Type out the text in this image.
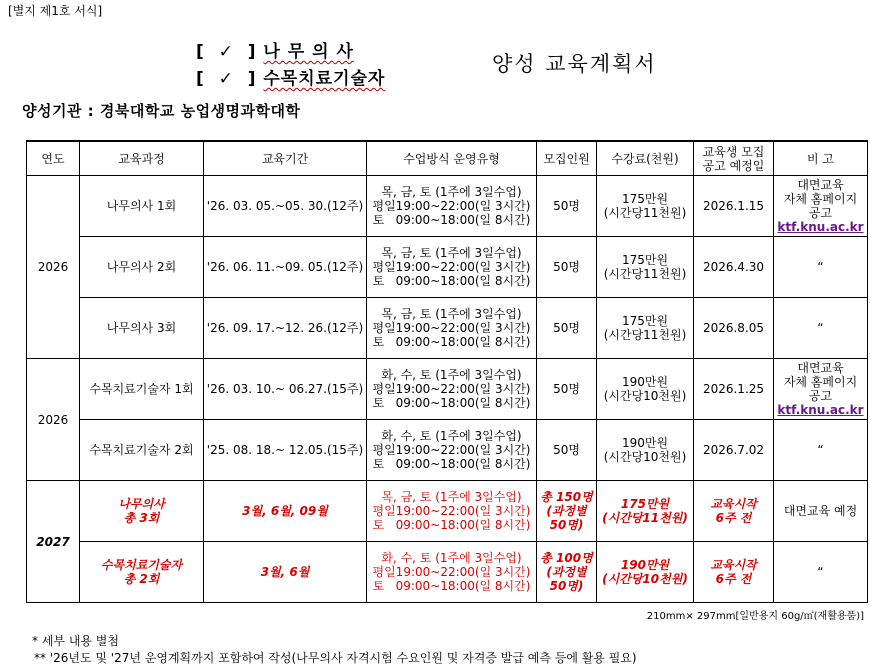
[별지 제1호 서식]
[  ✓  ] 나 무 의 사
[  ✓  ] 수목치료기술자
양성 교육계획서
양성기관 : 경북대학교 농업생명과학대학
연도	교육과정	교육기간	수업방식 운영유형	모집인원	수강료(천원)	교육생 모집
공고 예정일	비 고
2026	나무의사 1회	'26. 03. 05.~05. 30.(12주)	목, 금, 토 (1주에 3일수업)
평일19:00~22:00(일 3시간)
토   09:00~18:00(일 8시간)	50명	175만원
(시간당11천원)	2026.1.15	대면교육
자체 홈페이지
공고
ktf.knu.ac.kr
	나무의사 2회	'26. 06. 11.~09. 05.(12주)	목, 금, 토 (1주에 3일수업)
평일19:00~22:00(일 3시간)
토   09:00~18:00(일 8시간)	50명	175만원
(시간당11천원)	2026.4.30	“
	나무의사 3회	'26. 09. 17.~12. 26.(12주)	목, 금, 토 (1주에 3일수업)
평일19:00~22:00(일 3시간)
토   09:00~18:00(일 8시간)	50명	175만원
(시간당11천원)	2026.8.05	“
2026	수목치료기술자 1회	'26. 03. 10.~ 06.27.(15주)	화, 수, 토 (1주에 3일수업)
평일19:00~22:00(일 3시간)
토   09:00~18:00(일 8시간)	50명	190만원
(시간당10천원)	2026.1.25	대면교육
자체 홈페이지
공고
ktf.knu.ac.kr
	수목치료기술자 2회	'25. 08. 18.~ 12.05.(15주)	화, 수, 토 (1주에 3일수업)
평일19:00~22:00(일 3시간)
토   09:00~18:00(일 8시간)	50명	190만원
(시간당10천원)	2026.7.02	“
2027	나무의사
총 3회	3월, 6월, 09월	목, 금, 토 (1주에 3일수업)
평일19:00~22:00(일 3시간)
토   09:00~18:00(일 8시간)	총 150명
(과정별
50명)	175만원
(시간당11천원)	교육시작
6주 전	대면교육 예정
	수목치료기술자
총 2회	3월, 6월	화, 수, 토 (1주에 3일수업)
평일19:00~22:00(일 3시간)
토   09:00~18:00(일 8시간)	총 100명
(과정별
50명)	190만원
(시간당10천원)	교육시작
6주 전	“
210mm× 297mm[일반용지 60g/㎡(재활용품)]
* 세부 내용 별첨
** '26년도 및 '27년 운영계획까지 포함하여 작성(나무의사 자격시험 수요인원 및 자격증 발급 예측 등에 활용 필요)
